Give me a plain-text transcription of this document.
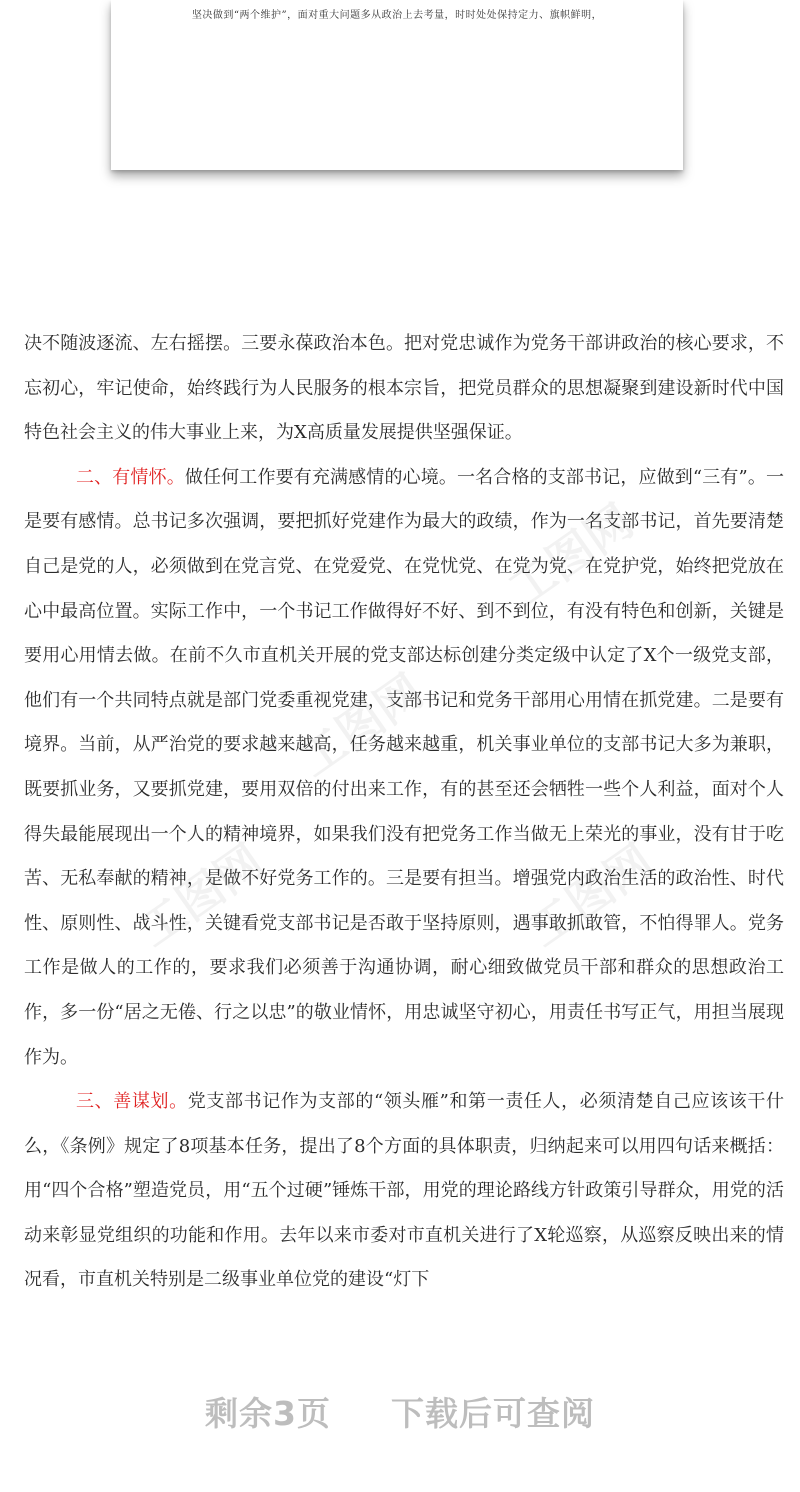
坚决做到“两个维护”，面对重大问题多从政治上去考量，时时处处保持定力、旗帜鲜明，
工图网
工图网
工图网	工图网

决不随波逐流、左右摇摆。三要永葆政治本色。把对党忠诚作为党务干部讲政治的核心要求，不忘初心，牢记使命，始终践行为人民服务的根本宗旨，把党员群众的思想凝聚到建设新时代中国特色社会主义的伟大事业上来，为X高质量发展提供坚强保证。

二、有情怀。做任何工作要有充满感情的心境。一名合格的支部书记，应做到“三有”。一是要有感情。总书记多次强调，要把抓好党建作为最大的政绩，作为一名支部书记，首先要清楚自己是党的人，必须做到在党言党、在党爱党、在党忧党、在党为党、在党护党，始终把党放在心中最高位置。实际工作中，一个书记工作做得好不好、到不到位，有没有特色和创新，关键是要用心用情去做。在前不久市直机关开展的党支部达标创建分类定级中认定了X个一级党支部，他们有一个共同特点就是部门党委重视党建，支部书记和党务干部用心用情在抓党建。二是要有境界。当前，从严治党的要求越来越高，任务越来越重，机关事业单位的支部书记大多为兼职，既要抓业务，又要抓党建，要用双倍的付出来工作，有的甚至还会牺牲一些个人利益，面对个人得失最能展现出一个人的精神境界，如果我们没有把党务工作当做无上荣光的事业，没有甘于吃苦、无私奉献的精神，是做不好党务工作的。三是要有担当。增强党内政治生活的政治性、时代性、原则性、战斗性，关键看党支部书记是否敢于坚持原则，遇事敢抓敢管，不怕得罪人。党务工作是做人的工作的，要求我们必须善于沟通协调，耐心细致做党员干部和群众的思想政治工作，多一份“居之无倦、行之以忠”的敬业情怀，用忠诚坚守初心，用责任书写正气，用担当展现作为。

三、善谋划。党支部书记作为支部的“领头雁”和第一责任人，必须清楚自己应该该干什么，《条例》规定了8项基本任务，提出了8个方面的具体职责，归纳起来可以用四句话来概括：用“四个合格”塑造党员，用“五个过硬”锤炼干部，用党的理论路线方针政策引导群众，用党的活动来彰显党组织的功能和作用。去年以来市委对市直机关进行了X轮巡察，从巡察反映出来的情况看，市直机关特别是二级事业单位党的建设“灯下

剩余3页 下载后可查阅
